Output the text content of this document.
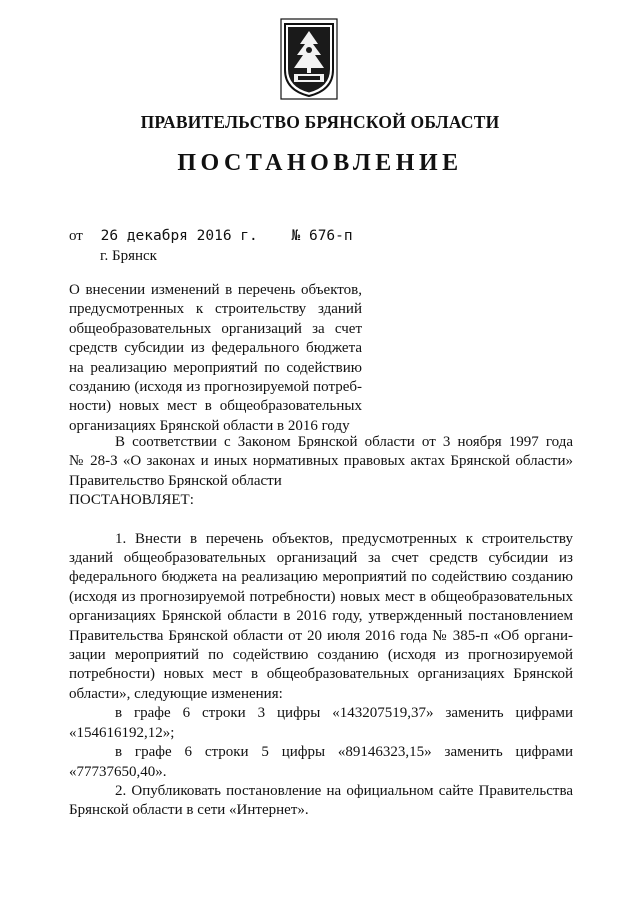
ПРАВИТЕЛЬСТВО БРЯНСКОЙ ОБЛАСТИ
ПОСТАНОВЛЕНИЕ
от 26 декабря 2016 г. № 676-п
г. Брянск
О внесении изменений в перечень объектов,
предусмотренных к строительству зданий
общеобразовательных организаций за счет
средств субсидии из федерального бюджета
на реализацию мероприятий по содействию
созданию (исходя из прогнозируемой потреб-
ности) новых мест в общеобразовательных
организациях Брянской области в 2016 году
В соответствии с Законом Брянской области от 3 ноября 1997 года
№ 28-З «О законах и иных нормативных правовых актах Брянской области»
Правительство Брянской области
ПОСТАНОВЛЯЕТ:
1. Внести в перечень объектов, предусмотренных к строительству
зданий общеобразовательных организаций за счет средств субсидии из
федерального бюджета на реализацию мероприятий по содействию созданию
(исходя из прогнозируемой потребности) новых мест в общеобразовательных
организациях Брянской области в 2016 году, утвержденный постановлением
Правительства Брянской области от 20 июля 2016 года № 385-п «Об органи-
зации мероприятий по содействию созданию (исходя из прогнозируемой
потребности) новых мест в общеобразовательных организациях Брянской
области», следующие изменения:
в графе 6 строки 3 цифры «143207519,37» заменить цифрами
«154616192,12»;
в графе 6 строки 5 цифры «89146323,15» заменить цифрами
«77737650,40».
2. Опубликовать постановление на официальном сайте Правительства
Брянской области в сети «Интернет».
